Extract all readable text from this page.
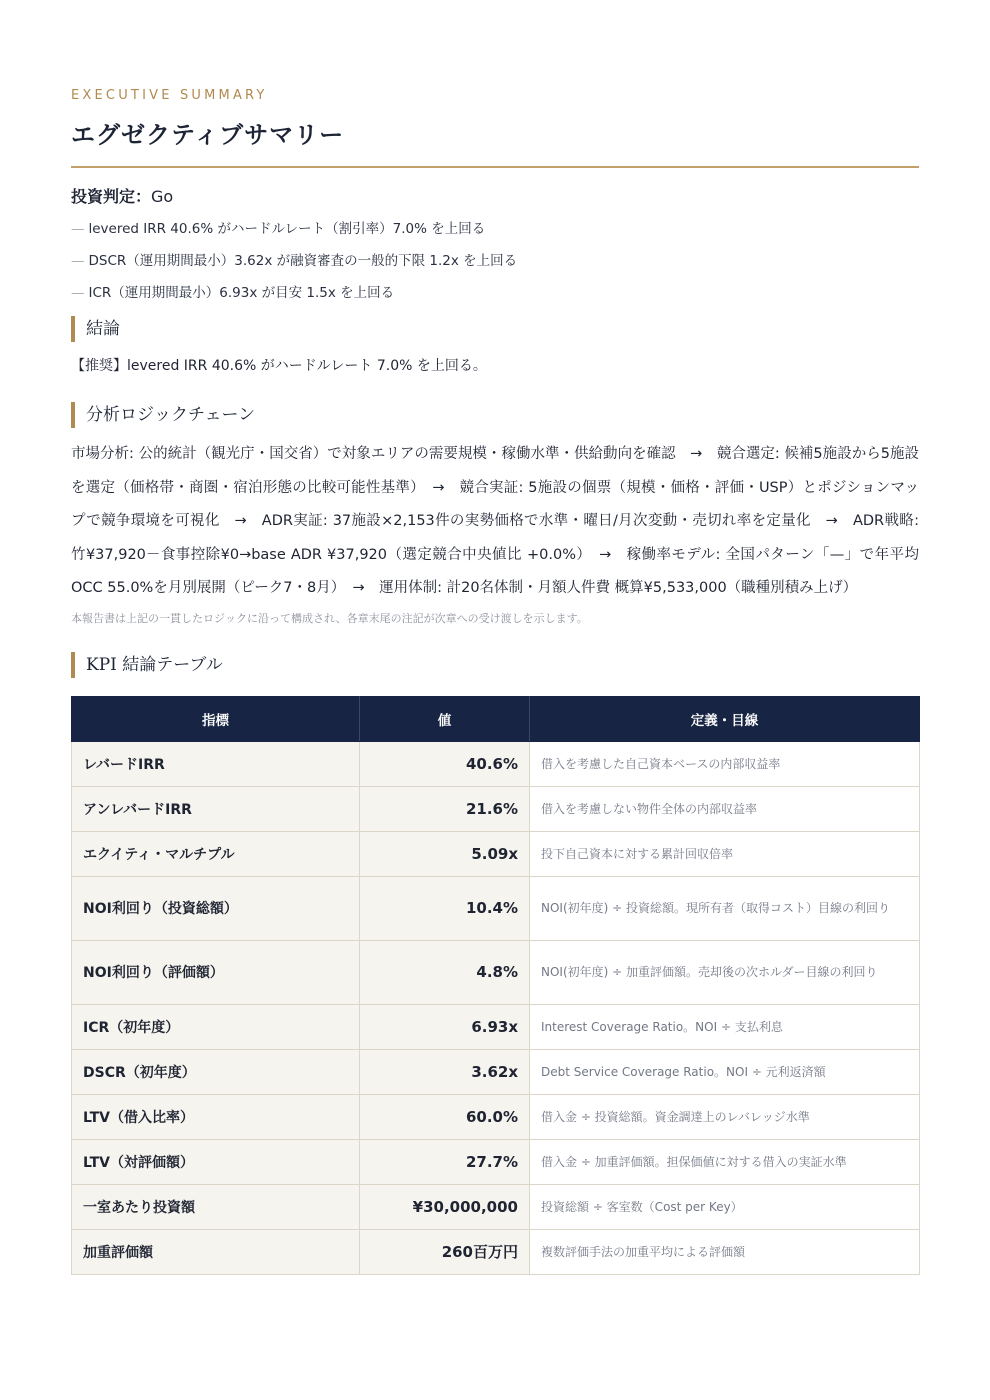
EXECUTIVE SUMMARY

エグゼクティブサマリー
投資判定：Go
— levered IRR 40.6% がハードルレート（割引率）7.0% を上回る
— DSCR（運用期間最小）3.62x が融資審査の一般的下限 1.2x を上回る
— ICR（運用期間最小）6.93x が目安 1.5x を上回る
結論
【推奨】levered IRR 40.6% がハードルレート 7.0% を上回る。
分析ロジックチェーン
市場分析: 公的統計（観光庁・国交省）で対象エリアの需要規模・稼働水準・供給動向を確認　→　競合選定: 候補5施設から5施設を選定（価格帯・商圏・宿泊形態の比較可能性基準）　→　競合実証: 5施設の個票（規模・価格・評価・USP）とポジションマップで競争環境を可視化　→　ADR実証: 37施設×2,153件の実勢価格で水準・曜日/月次変動・売切れ率を定量化　→　ADR戦略: 竹¥37,920－食事控除¥0→base ADR ¥37,920（選定競合中央値比 +0.0%）　→　稼働率モデル: 全国パターン「—」で年平均OCC 55.0%を月別展開（ピーク7・8月）　→　運用体制: 計20名体制・月額人件費 概算¥5,533,000（職種別積み上げ）
本報告書は上記の一貫したロジックに沿って構成され、各章末尾の注記が次章への受け渡しを示します。
KPI 結論テーブル
指標	値	定義・目線
レバードIRR	40.6%	借入を考慮した自己資本ベースの内部収益率
アンレバードIRR	21.6%	借入を考慮しない物件全体の内部収益率
エクイティ・マルチプル	5.09x	投下自己資本に対する累計回収倍率
NOI利回り（投資総額）	10.4%	NOI(初年度) ÷ 投資総額。現所有者（取得コスト）目線の利回り
NOI利回り（評価額）	4.8%	NOI(初年度) ÷ 加重評価額。売却後の次ホルダー目線の利回り
ICR（初年度）	6.93x	Interest Coverage Ratio。NOI ÷ 支払利息
DSCR（初年度）	3.62x	Debt Service Coverage Ratio。NOI ÷ 元利返済額
LTV（借入比率）	60.0%	借入金 ÷ 投資総額。資金調達上のレバレッジ水準
LTV（対評価額）	27.7%	借入金 ÷ 加重評価額。担保価値に対する借入の実証水準
一室あたり投資額	¥30,000,000	投資総額 ÷ 客室数（Cost per Key）
加重評価額	260百万円	複数評価手法の加重平均による評価額
